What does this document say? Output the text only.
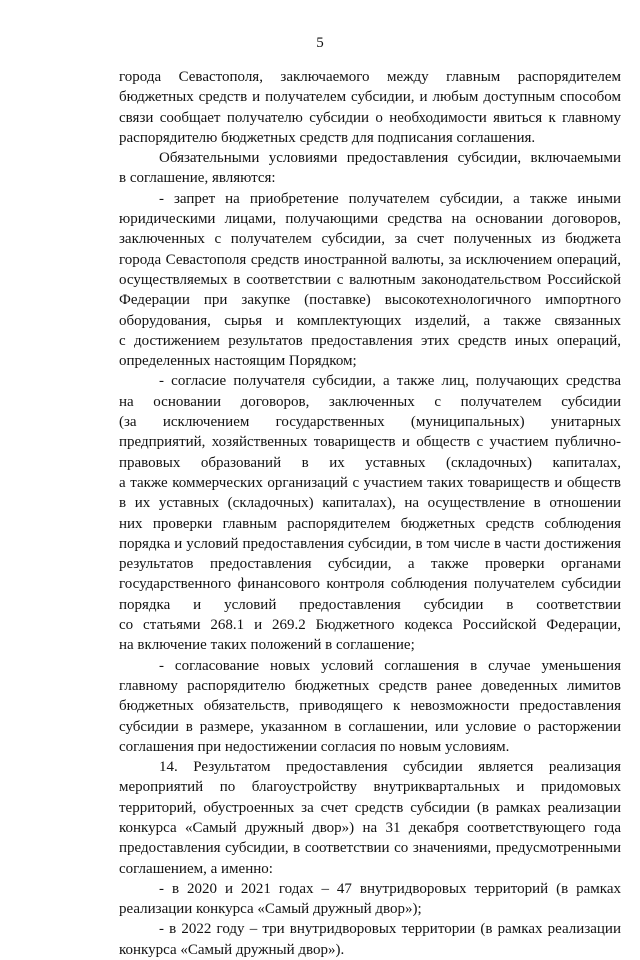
5
города Севастополя, заключаемого между главным распорядителем
бюджетных средств и получателем субсидии, и любым доступным способом
связи сообщает получателю субсидии о необходимости явиться к главному
распорядителю бюджетных средств для подписания соглашения.
Обязательными условиями предоставления субсидии, включаемыми
в соглашение, являются:
- запрет на приобретение получателем субсидии, а также иными
юридическими лицами, получающими средства на основании договоров,
заключенных с получателем субсидии, за счет полученных из бюджета
города Севастополя средств иностранной валюты, за исключением операций,
осуществляемых в соответствии с валютным законодательством Российской
Федерации при закупке (поставке) высокотехнологичного импортного
оборудования, сырья и комплектующих изделий, а также связанных
с достижением результатов предоставления этих средств иных операций,
определенных настоящим Порядком;
- согласие получателя субсидии, а также лиц, получающих средства
на основании договоров, заключенных с получателем субсидии
(за исключением государственных (муниципальных) унитарных
предприятий, хозяйственных товариществ и обществ с участием публично-
правовых образований в их уставных (складочных) капиталах,
а также коммерческих организаций с участием таких товариществ и обществ
в их уставных (складочных) капиталах), на осуществление в отношении
них проверки главным распорядителем бюджетных средств соблюдения
порядка и условий предоставления субсидии, в том числе в части достижения
результатов предоставления субсидии, а также проверки органами
государственного финансового контроля соблюдения получателем субсидии
порядка и условий предоставления субсидии в соответствии
со статьями 268.1 и 269.2 Бюджетного кодекса Российской Федерации,
на включение таких положений в соглашение;
- согласование новых условий соглашения в случае уменьшения
главному распорядителю бюджетных средств ранее доведенных лимитов
бюджетных обязательств, приводящего к невозможности предоставления
субсидии в размере, указанном в соглашении, или условие о расторжении
соглашения при недостижении согласия по новым условиям.
14. Результатом предоставления субсидии является реализация
мероприятий по благоустройству внутриквартальных и придомовых
территорий, обустроенных за счет средств субсидии (в рамках реализации
конкурса «Самый дружный двор») на 31 декабря соответствующего года
предоставления субсидии, в соответствии со значениями, предусмотренными
соглашением, а именно:
- в 2020 и 2021 годах – 47 внутридворовых территорий (в рамках
реализации конкурса «Самый дружный двор»);
- в 2022 году – три внутридворовых территории (в рамках реализации
конкурса «Самый дружный двор»).
